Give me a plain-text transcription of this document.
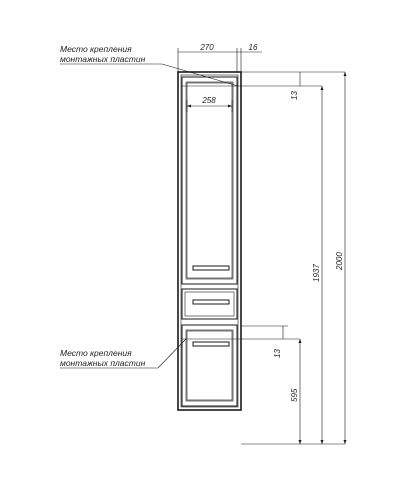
270	16
258
Место крепления
монтажных пластин
13
1937
2000
13
595
Место крепления
монтажных пластин
